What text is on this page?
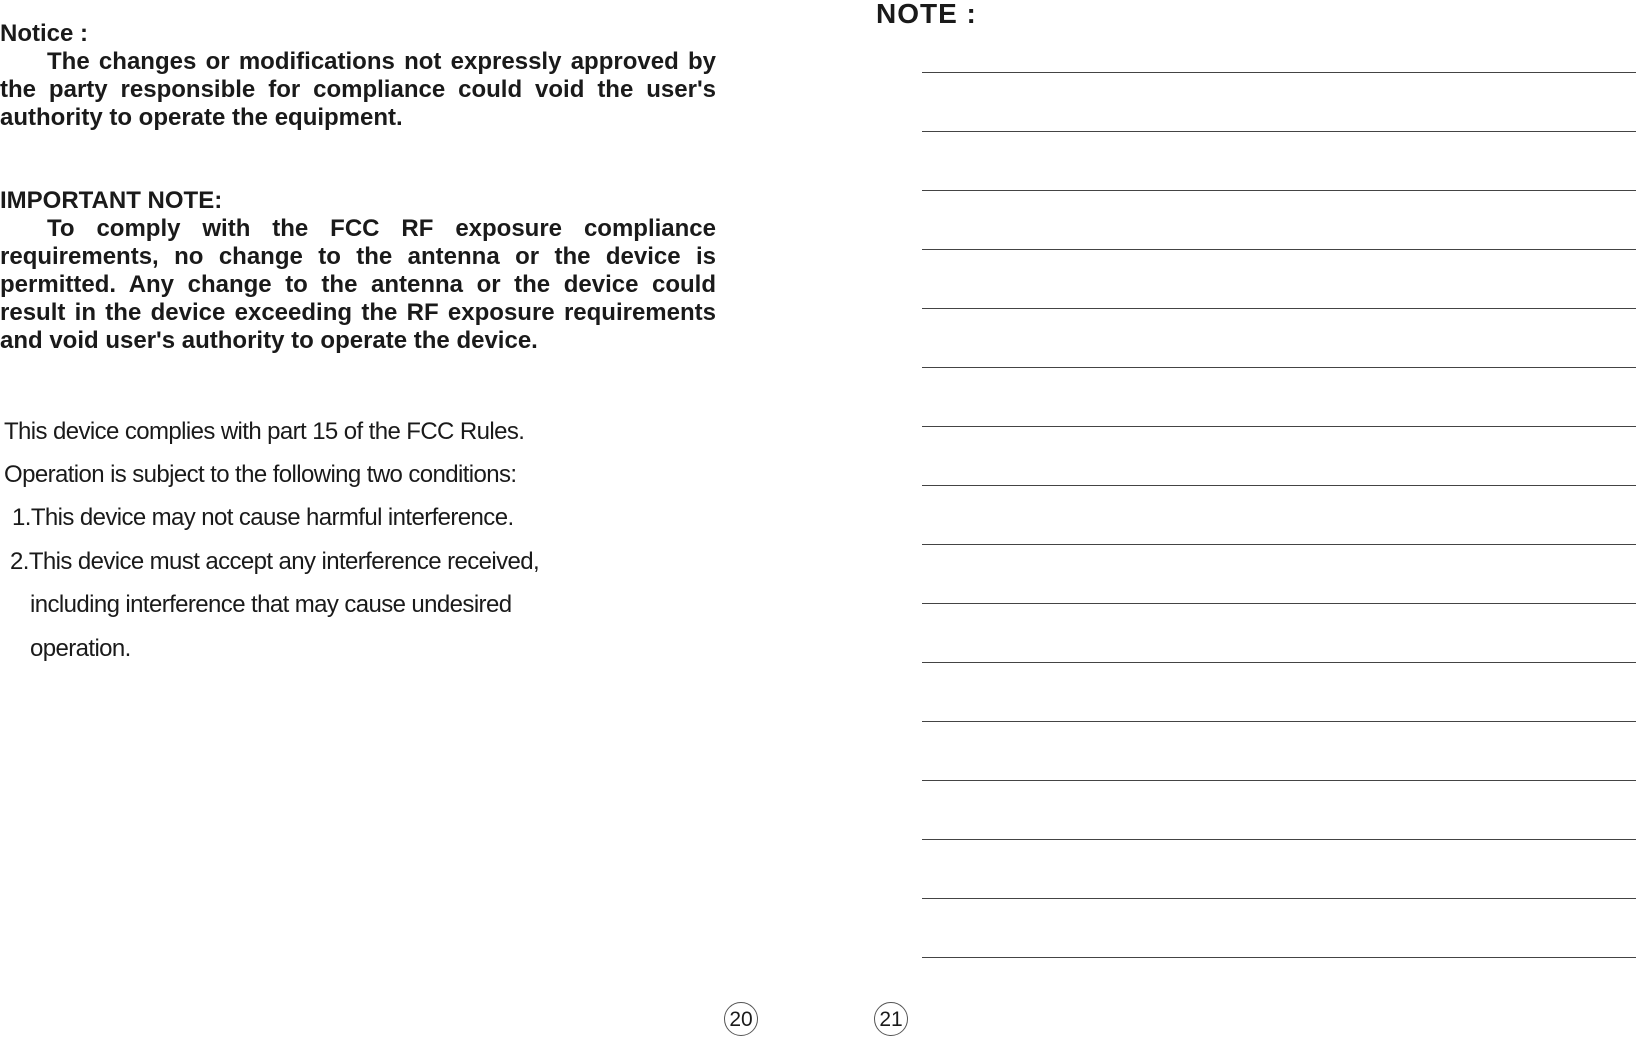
Notice :
The changes or modifications not expressly approved by the party responsible for compliance could void the user's authority to operate the equipment.
IMPORTANT NOTE:
To comply with the FCC RF exposure compliance requirements, no change to the antenna or the device is permitted. Any change to the antenna or the device could result in the device exceeding the RF exposure requirements and void user's authority to operate the device.
This device complies with part 15 of the FCC Rules.
Operation is subject to the following two conditions:
1.This device may not cause harmful interference.
2.This device must accept any interference received,
including interference that may cause undesired
operation.
20
NOTE :
21
